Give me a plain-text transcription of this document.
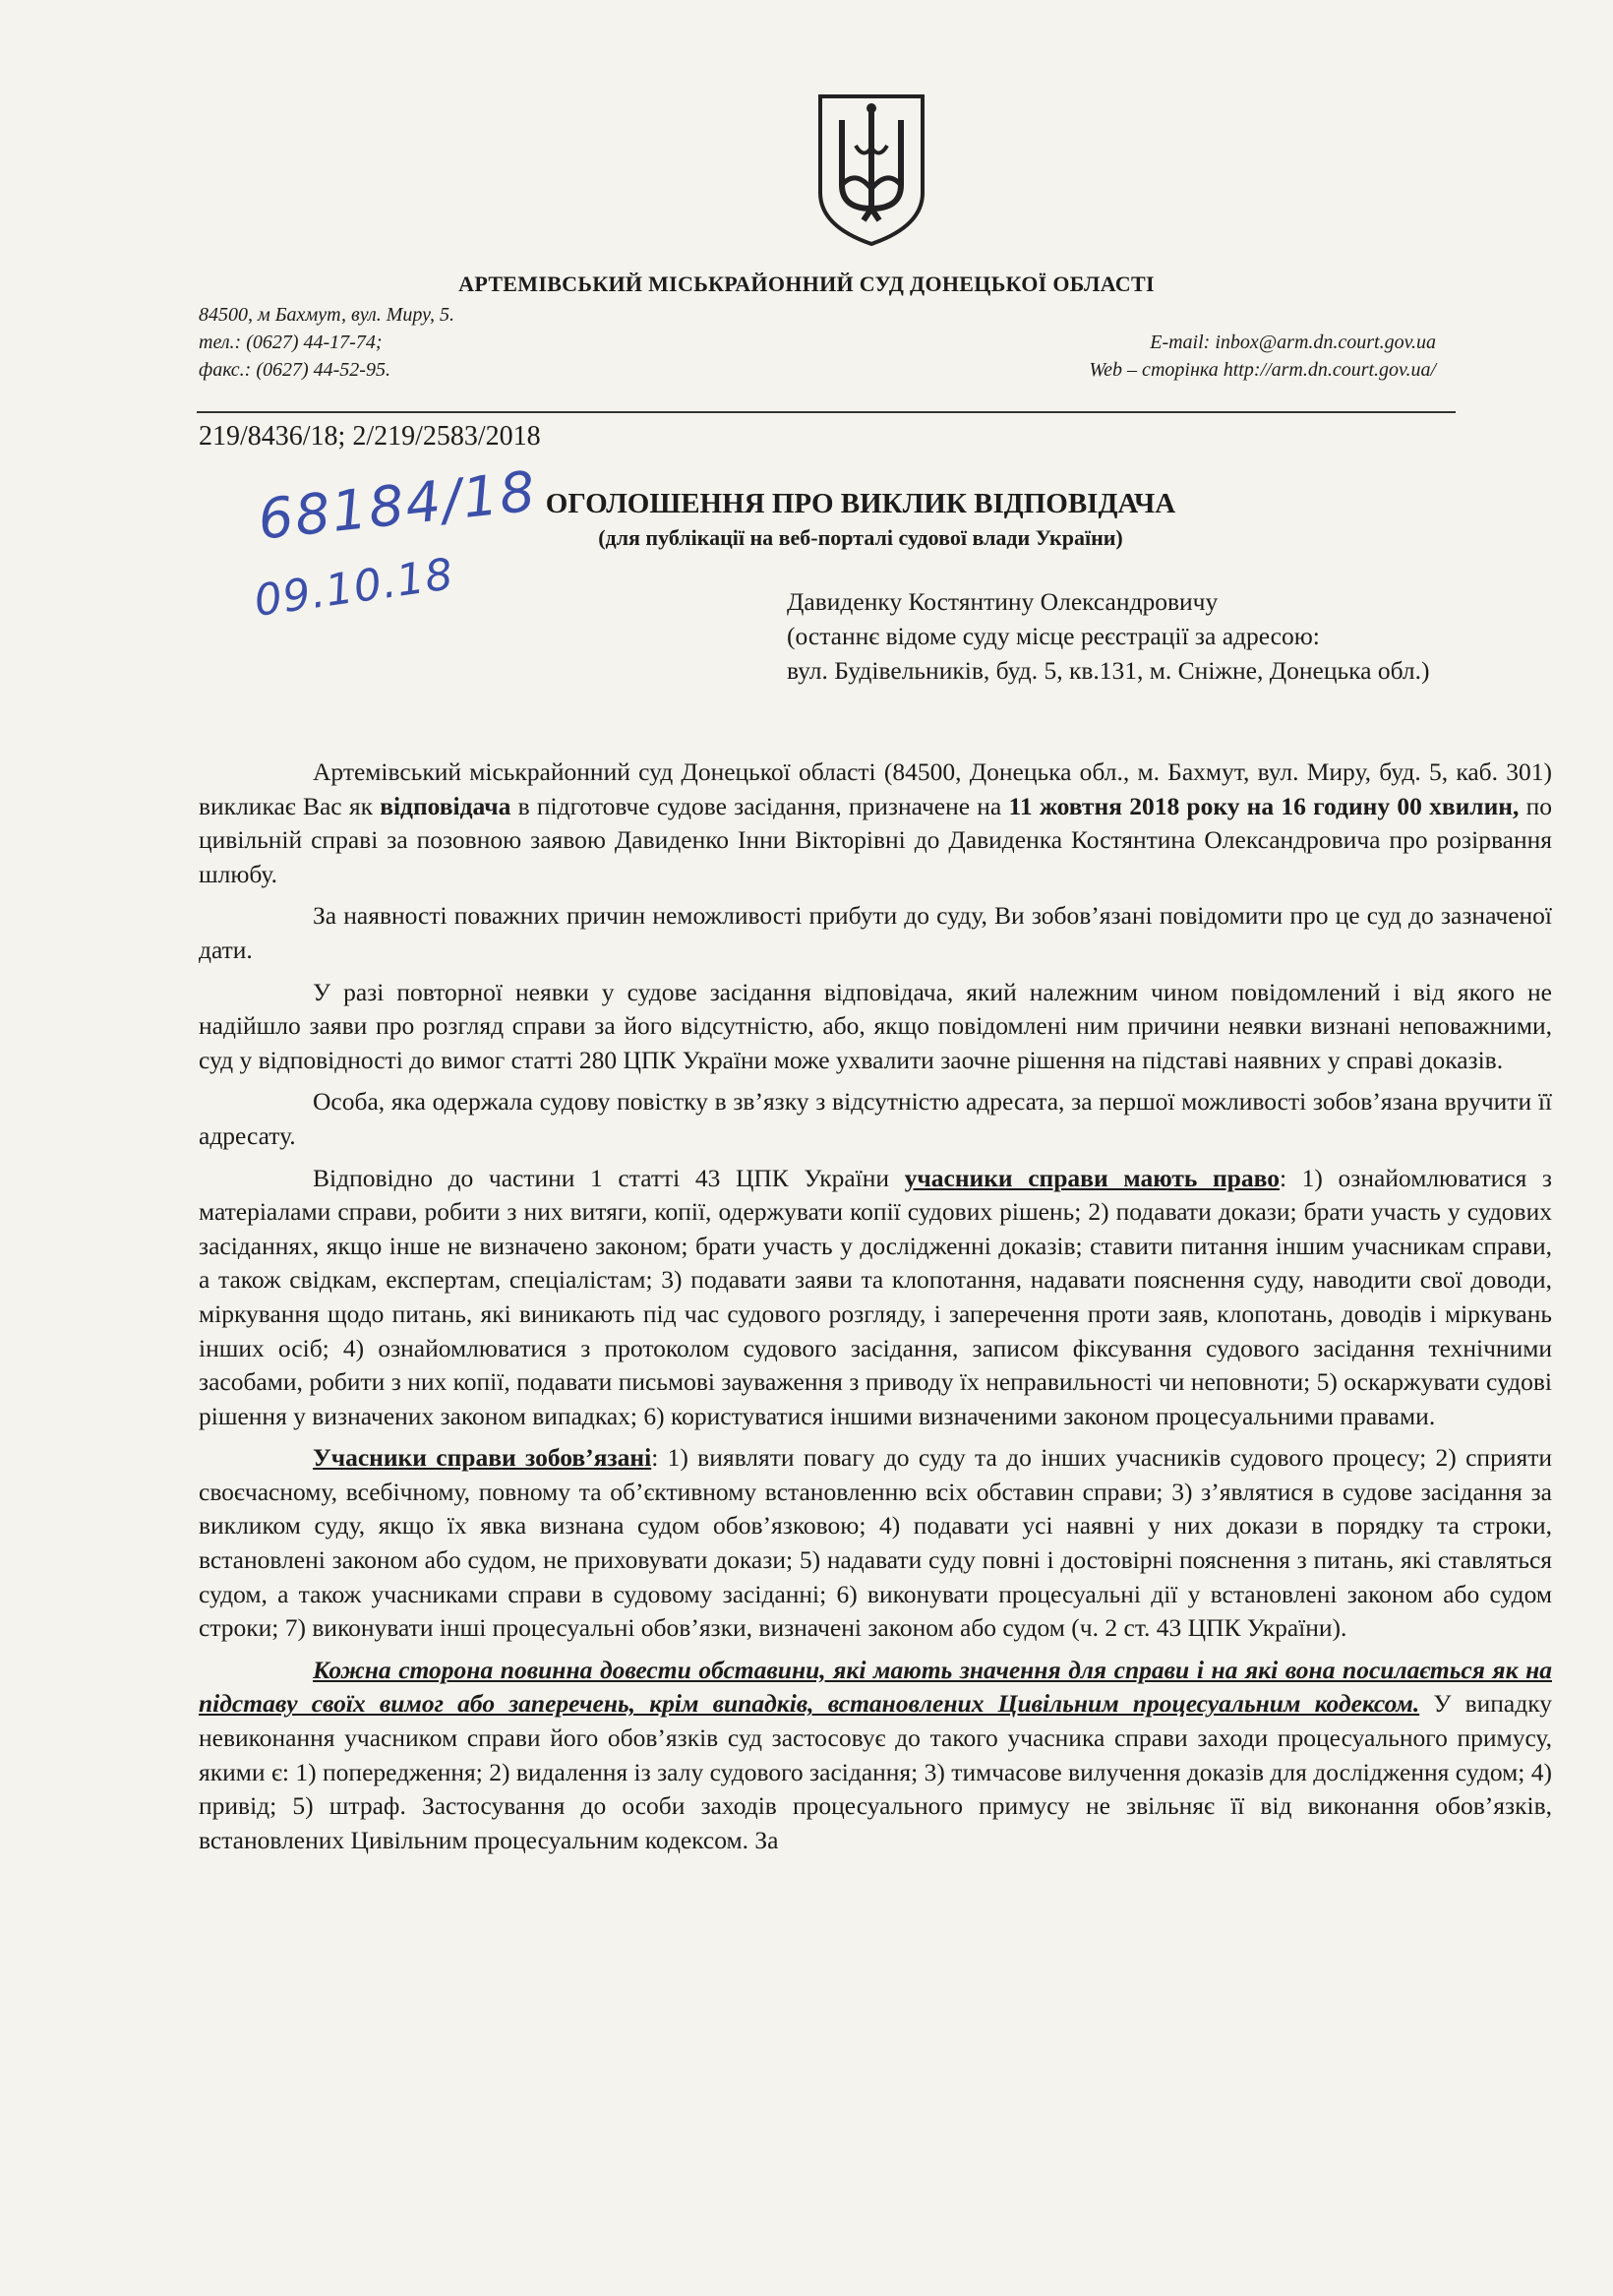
АРТЕМІВСЬКИЙ МІСЬКРАЙОННИЙ СУД ДОНЕЦЬКОЇ ОБЛАСТІ
84500, м Бахмут, вул. Миру, 5.
тел.: (0627) 44-17-74;	E-mail: inbox@arm.dn.court.gov.ua
факс.: (0627) 44-52-95.	Web – сторінка http://arm.dn.court.gov.ua/
219/8436/18; 2/219/2583/2018
68184/18
09.10.18
ОГОЛОШЕННЯ ПРО ВИКЛИК ВІДПОВІДАЧА
(для публікації на веб-порталі судової влади України)
Давиденку Костянтину Олександровичу
(останнє відоме суду місце реєстрації за адресою:
вул. Будівельників, буд. 5, кв.131, м. Сніжне, Донецька обл.)

Артемівський міськрайонний суд Донецької області (84500, Донецька обл., м. Бахмут, вул. Миру, буд. 5, каб. 301) викликає Вас як відповідача в підготовче судове засідання, призначене на 11 жовтня 2018 року на 16 годину 00 хвилин, по цивільній справі за позовною заявою Давиденко Інни Вікторівні до Давиденка Костянтина Олександровича про розірвання шлюбу.

За наявності поважних причин неможливості прибути до суду, Ви зобов’язані повідомити про це суд до зазначеної дати.

У разі повторної неявки у судове засідання відповідача, який належним чином повідомлений і від якого не надійшло заяви про розгляд справи за його відсутністю, або, якщо повідомлені ним причини неявки визнані неповажними, суд у відповідності до вимог статті 280 ЦПК України може ухвалити заочне рішення на підставі наявних у справі доказів.

Особа, яка одержала судову повістку в зв’язку з відсутністю адресата, за першої можливості зобов’язана вручити її адресату.

Відповідно до частини 1 статті 43 ЦПК України учасники справи мають право: 1) ознайомлюватися з матеріалами справи, робити з них витяги, копії, одержувати копії судових рішень; 2) подавати докази; брати участь у судових засіданнях, якщо інше не визначено законом; брати участь у дослідженні доказів; ставити питання іншим учасникам справи, а також свідкам, експертам, спеціалістам; 3) подавати заяви та клопотання, надавати пояснення суду, наводити свої доводи, міркування щодо питань, які виникають під час судового розгляду, і заперечення проти заяв, клопотань, доводів і міркувань інших осіб; 4) ознайомлюватися з протоколом судового засідання, записом фіксування судового засідання технічними засобами, робити з них копії, подавати письмові зауваження з приводу їх неправильності чи неповноти; 5) оскаржувати судові рішення у визначених законом випадках; 6) користуватися іншими визначеними законом процесуальними правами.

Учасники справи зобов’язані: 1) виявляти повагу до суду та до інших учасників судового процесу; 2) сприяти своєчасному, всебічному, повному та об’єктивному встановленню всіх обставин справи; 3) з’являтися в судове засідання за викликом суду, якщо їх явка визнана судом обов’язковою; 4) подавати усі наявні у них докази в порядку та строки, встановлені законом або судом, не приховувати докази; 5) надавати суду повні і достовірні пояснення з питань, які ставляться судом, а також учасниками справи в судовому засіданні; 6) виконувати процесуальні дії у встановлені законом або судом строки; 7) виконувати інші процесуальні обов’язки, визначені законом або судом (ч. 2 ст. 43 ЦПК України).

Кожна сторона повинна довести обставини, які мають значення для справи і на які вона посилається як на підставу своїх вимог або заперечень, крім випадків, встановлених Цивільним процесуальним кодексом. У випадку невиконання учасником справи його обов’язків суд застосовує до такого учасника справи заходи процесуального примусу, якими є: 1) попередження; 2) видалення із залу судового засідання; 3) тимчасове вилучення доказів для дослідження судом; 4) привід; 5) штраф. Застосування до особи заходів процесуального примусу не звільняє її від виконання обов’язків, встановлених Цивільним процесуальним кодексом. За
